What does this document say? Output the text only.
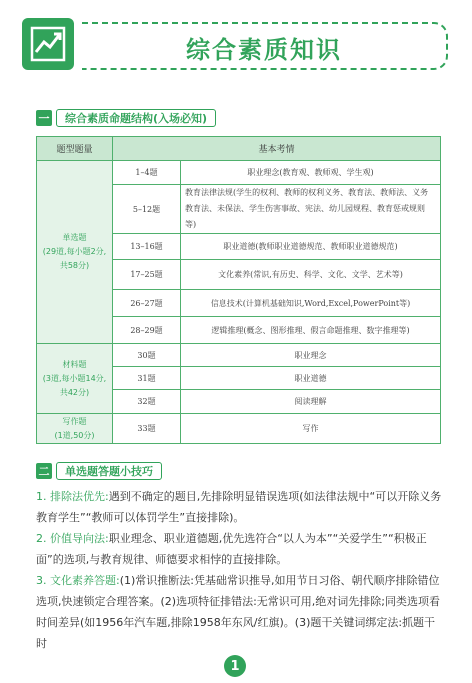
综合素质知识
一	综合素质命题结构(入场必知)
题型题量	基本考情	

单选题
(29道,每小题2分,共58分)	1–4题	职业理念(教育观、教师观、学生观)
	5–12题	教育法律法规(学生的权利、教师的权利义务、教育法、教师法、义务教育法、未保法、学生伤害事故、宪法、幼儿园规程、教育惩戒规则等)
	13–16题	职业道德(教师职业道德规范、教师职业道德规范)
	17–25题	文化素养(常识,有历史、科学、文化、文学、艺术等)
	26–27题	信息技术(计算机基础知识,Word,Excel,PowerPoint等)
	28–29题	逻辑推理(概念、图形推理、假言命题推理、数字推理等)

材料题
(3道,每小题14分,共42分)	30题	职业理念
	31题	职业道德
	32题	阅读理解

写作题
(1道,50分)	33题	写作
二	单选题答题小技巧
1. 排除法优先:遇到不确定的题目,先排除明显错误选项(如法律法规中“可以开除义务教育学生”“教师可以体罚学生”直接排除)。
2. 价值导向法:职业理念、职业道德题,优先选符合“以人为本”“关爱学生”“积极正面”的选项,与教育规律、师德要求相悖的直接排除。
3. 文化素养答题:(1)常识推断法:凭基础常识推导,如用节日习俗、朝代顺序排除错位选项,快速锁定合理答案。(2)选项特征排错法:无常识可用,绝对词先排除;同类选项看时间差异(如1956年汽车题,排除1958年东风/红旗)。(3)题干关键词绑定法:抓题干时
1
